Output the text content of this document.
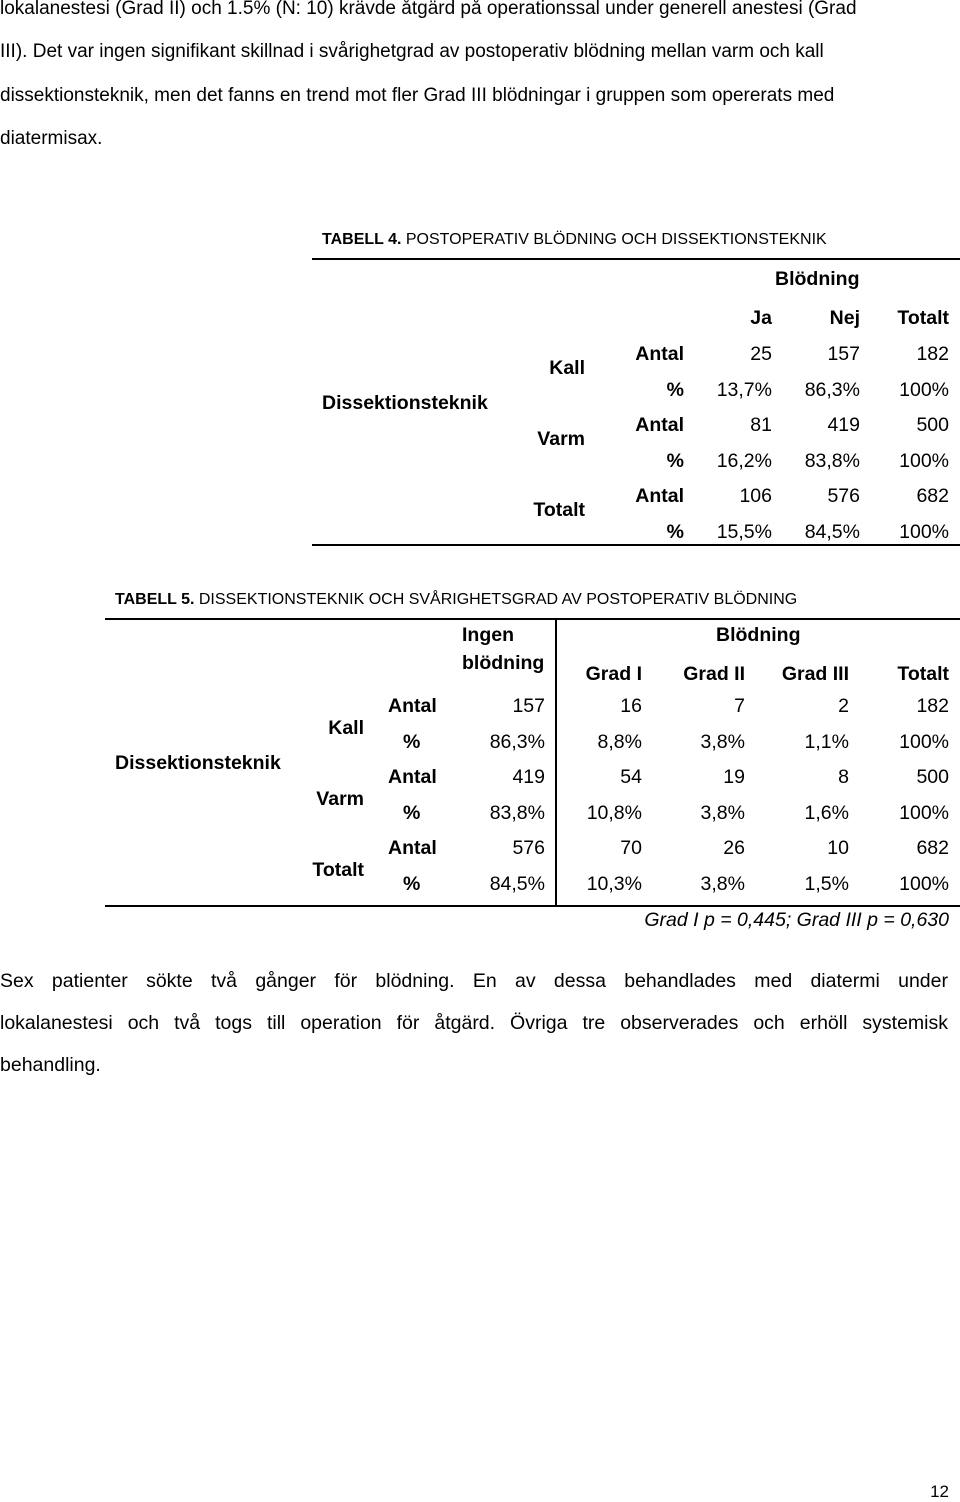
lokalanestesi (Grad II) och 1.5% (N: 10) krävde åtgärd på operationssal under generell anestesi (Grad
III). Det var ingen signifikant skillnad i svårighetgrad av postoperativ blödning mellan varm och kall
dissektionsteknik, men det fanns en trend mot fler Grad III blödningar i gruppen som opererats med
diatermisax.
TABELL 4. POSTOPERATIV BLÖDNING OCH DISSEKTIONSTEKNIK
Blödning
Ja	Nej	Totalt
Dissektionsteknik
Kall
Varm
Totalt
Antal	25	157	182
%	13,7%	86,3%	100%
Antal	81	419	500
%	16,2%	83,8%	100%
Antal	106	576	682
%	15,5%	84,5%	100%
TABELL 5. DISSEKTIONSTEKNIK OCH SVÅRIGHETSGRAD AV POSTOPERATIV BLÖDNING
Ingen
blödning
Blödning
Grad I	Grad II	Grad III	Totalt
Dissektionsteknik
Kall
Varm
Totalt
Antal	157	16	7	2	182
%	86,3%	8,8%	3,8%	1,1%	100%
Antal	419	54	19	8	500
%	83,8%	10,8%	3,8%	1,6%	100%
Antal	576	70	26	10	682
%	84,5%	10,3%	3,8%	1,5%	100%
Grad I p = 0,445; Grad III p = 0,630
Sex patienter sökte två gånger för blödning. En av dessa behandlades med diatermi under
lokalanestesi och två togs till operation för åtgärd. Övriga tre observerades och erhöll systemisk
behandling.
12
